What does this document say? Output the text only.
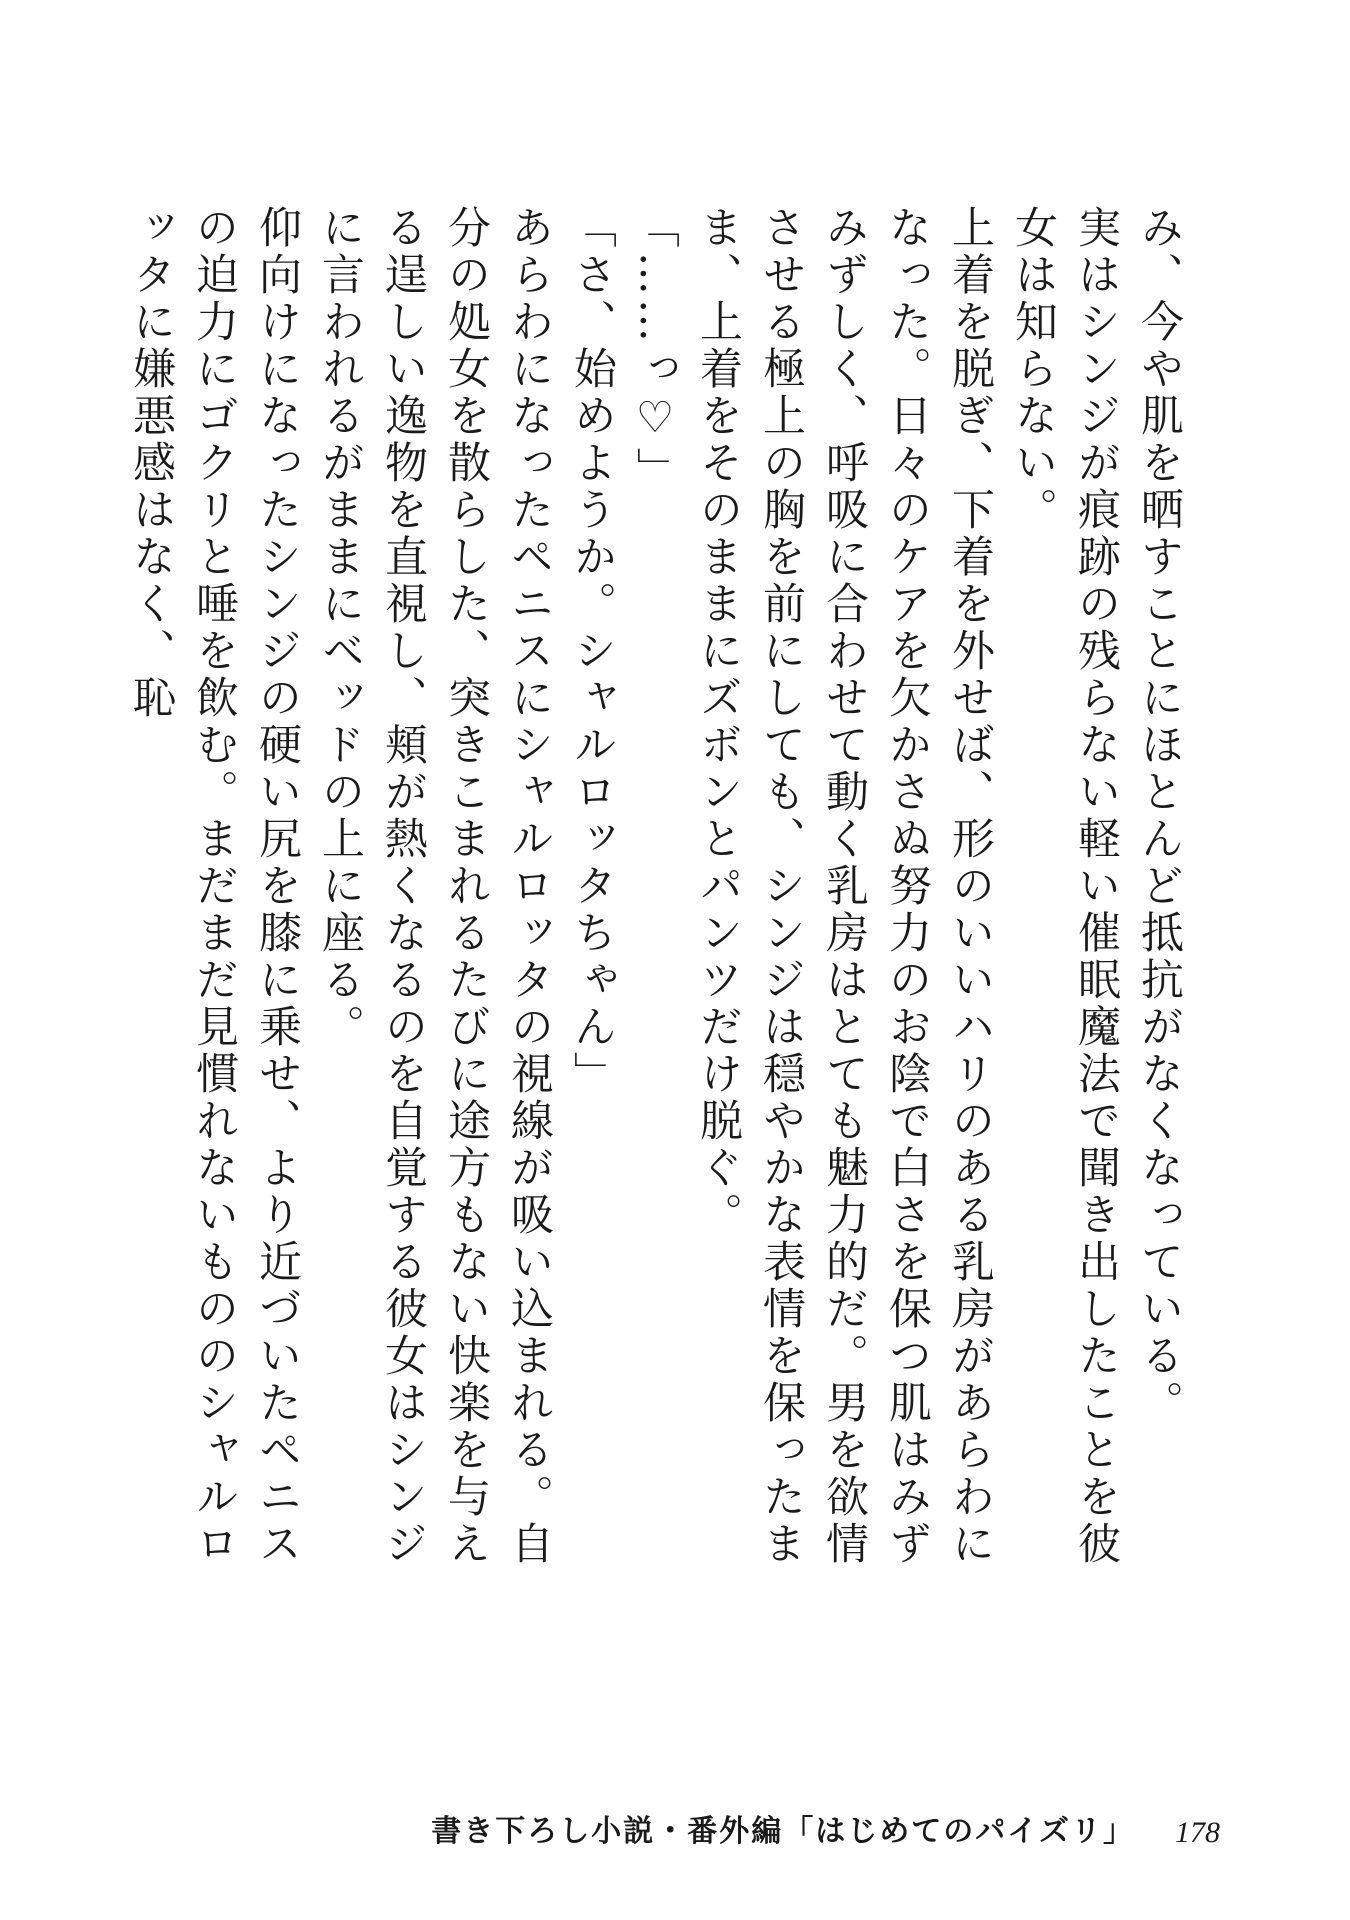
み、今や肌を晒すことにほとんど抵抗がなくなっている。

実はシンジが痕跡の残らない軽い催眠魔法で聞き出したことを彼女は知らない。

上着を脱ぎ、下着を外せば、形のいいハリのある乳房があらわになった。日々のケアを欠かさぬ努力のお陰で白さを保つ肌はみずみずしく、呼吸に合わせて動く乳房はとても魅力的だ。男を欲情させる極上の胸を前にしても、シンジは穏やかな表情を保ったまま、上着をそのままにズボンとパンツだけ脱ぐ。

「……っ♡」

「さ、始めようか。シャルロッタちゃん」

あらわになったペニスにシャルロッタの視線が吸い込まれる。自分の処女を散らした、突きこまれるたびに途方もない快楽を与える逞しい逸物を直視し、頬が熱くなるのを自覚する彼女はシンジに言われるがままにベッドの上に座る。

仰向けになったシンジの硬い尻を膝に乗せ、より近づいたペニスの迫力にゴクリと唾を飲む。まだまだ見慣れないもののシャルロッタに嫌悪感はなく、恥

書き下ろし小説・番外編「はじめてのパイズリ」 178
